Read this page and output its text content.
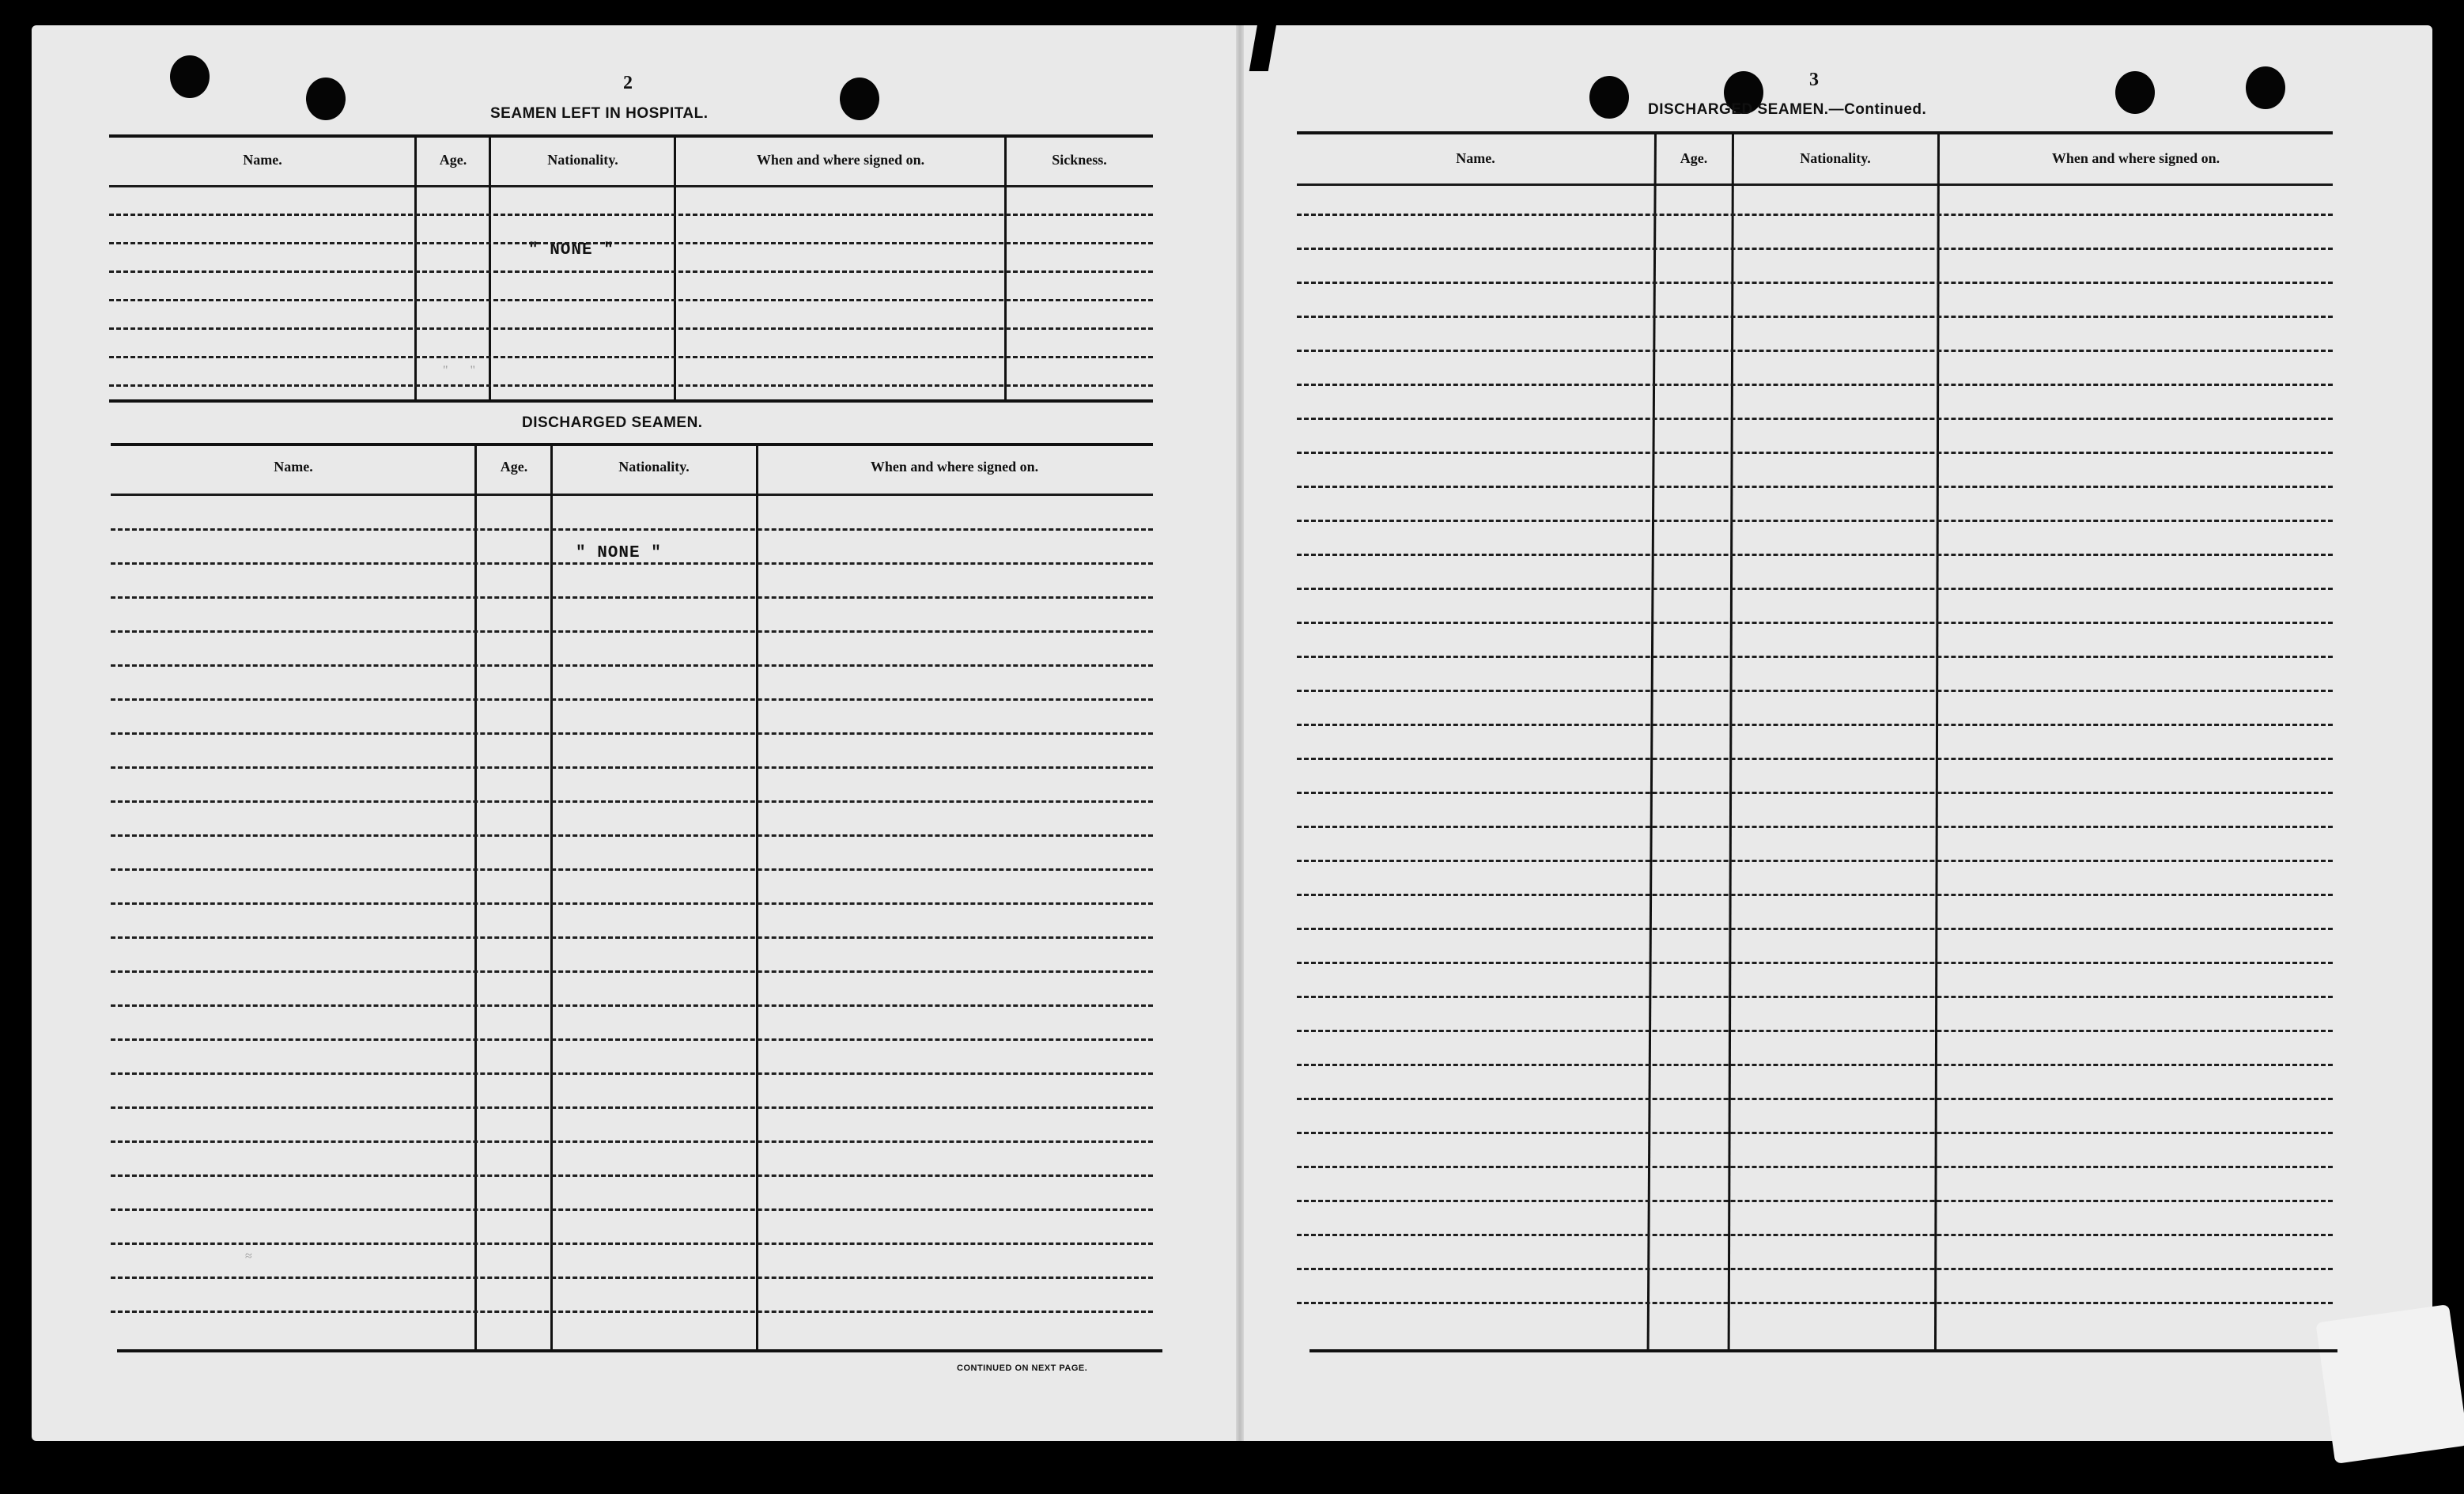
2
SEAMEN LEFT IN HOSPITAL.
Name.	Age.	Nationality.	When and where signed on.	Sickness.
" NONE "
DISCHARGED SEAMEN.
Name.	Age.	Nationality.	When and where signed on.
" NONE "
CONTINUED ON NEXT PAGE.
"       "
≈
3
DISCHARGED SEAMEN.—Continued.
Name.	Age.	Nationality.	When and where signed on.
